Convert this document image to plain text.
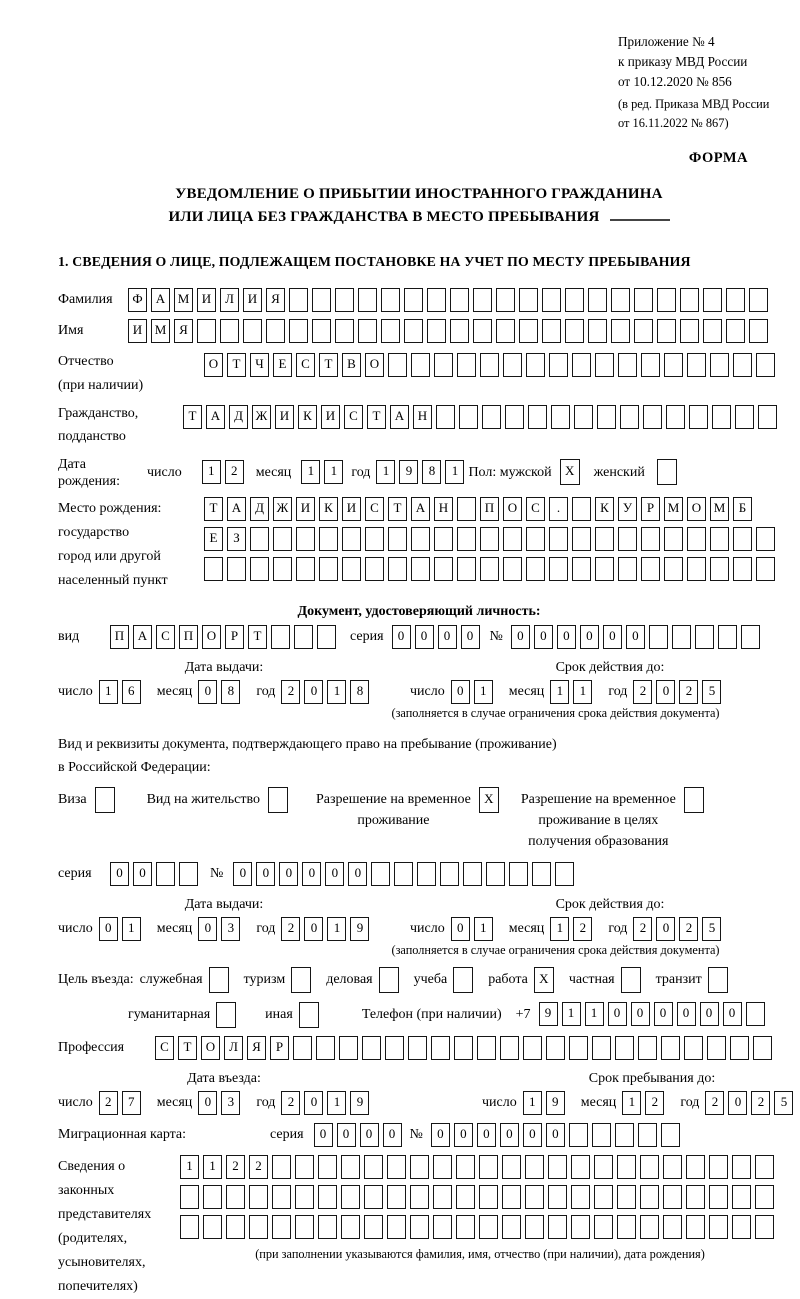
Приложение № 4
к приказу МВД России
от 10.12.2020 № 856
(в ред. Приказа МВД России
от 16.11.2022 № 867)
ФОРМА
УВЕДОМЛЕНИЕ О ПРИБЫТИИ ИНОСТРАННОГО ГРАЖДАНИНА
ИЛИ ЛИЦА БЕЗ ГРАЖДАНСТВА В МЕСТО ПРЕБЫВАНИЯ
1. СВЕДЕНИЯ О ЛИЦЕ, ПОДЛЕЖАЩЕМ ПОСТАНОВКЕ НА УЧЕТ ПО МЕСТУ ПРЕБЫВАНИЯ
Фамилия	Ф А М И Л И Я
Имя	И М Я
Отчество
(при наличии)
О Т Ч Е С Т В О
Гражданство,
подданство
Т А Д Ж И К И С Т А Н
Дата рождения:
число	1 2	месяц	1 1	год 1 9 8 1 Пол: мужской	X	женский
Место рождения:
государство
город или другой
населенный пункт
Т А Д Ж И К И С Т А Н	П О С .	К У Р М О М Б
Е З
Документ, удостоверяющий личность:
вид	П А С П О Р Т	серия	0 0 0 0	№	0 0 0 0 0 0
Дата выдачи:
число 1 6	месяц 0 8	год 2 0 1 8
Срок действия до:
число 0 1	месяц 1 1	год 2 0 2 5
(заполняется в случае ограничения срока действия документа)
Вид и реквизиты документа, подтверждающего право на пребывание (проживание)
в Российской Федерации:
Виза	Вид на жительство	Разрешение на временное
проживание
X	Разрешение на временное
проживание в целях
получения образования
серия	0 0	№	0 0 0 0 0 0
Дата выдачи:
число 0 1	месяц 0 3	год 2 0 1 9
Срок действия до:
число 0 1	месяц 1 2	год 2 0 2 5
(заполняется в случае ограничения срока действия документа)
Цель въезда: служебная	туризм	деловая	учеба	работа X	частная	транзит
гуманитарная	иная	Телефон (при наличии) +7	9 1 1 0 0 0 0 0 0
Профессия	С Т О Л Я Р
Дата въезда:
число 2 7	месяц 0 3	год 2 0 1 9
Срок пребывания до:
число 1 9	месяц 1 2	год 2 0 2 5
Миграционная карта:	серия	0 0 0 0	№	0 0 0 0 0 0
Сведения о
законных
представителях
(родителях,
усыновителях,
попечителях)
1 1 2 2
(при заполнении указываются фамилия, имя, отчество (при наличии), дата рождения)
